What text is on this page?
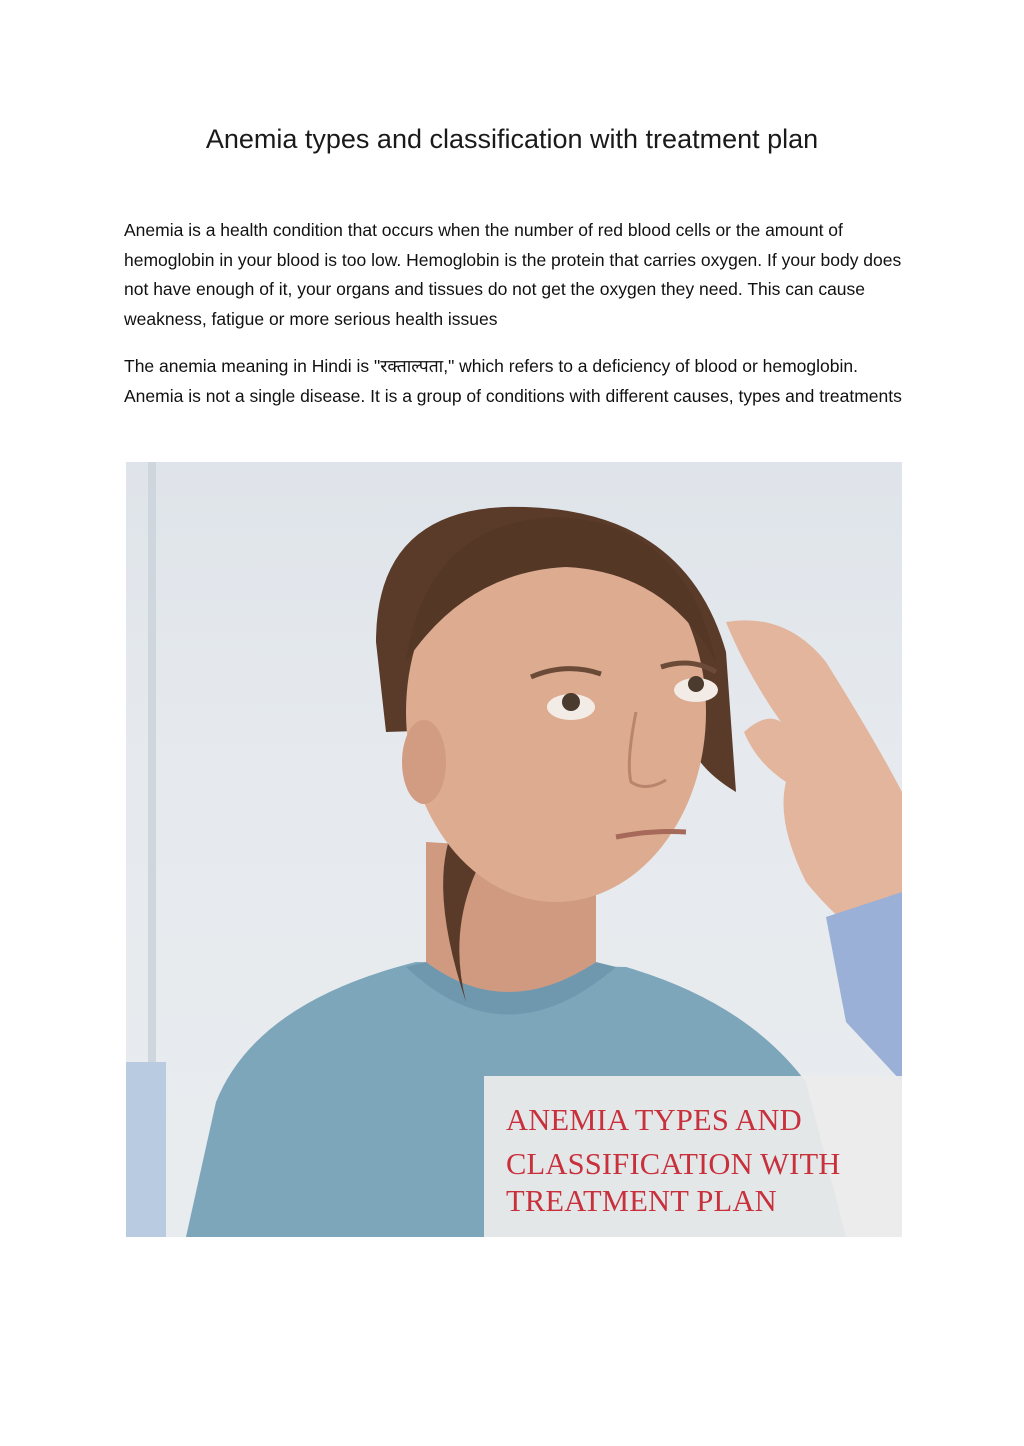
Anemia types and classification with treatment plan

Anemia is a health condition that occurs when the number of red blood cells or the amount of hemoglobin in your blood is too low. Hemoglobin is the protein that carries oxygen. If your body does not have enough of it, your organs and tissues do not get the oxygen they need. This can cause weakness, fatigue or more serious health issues

The anemia meaning in Hindi is "रक्ताल्पता," which refers to a deficiency of blood or hemoglobin. Anemia is not a single disease. It is a group of conditions with different causes, types and treatments

ANEMIA TYPES AND
CLASSIFICATION WITH
TREATMENT PLAN
